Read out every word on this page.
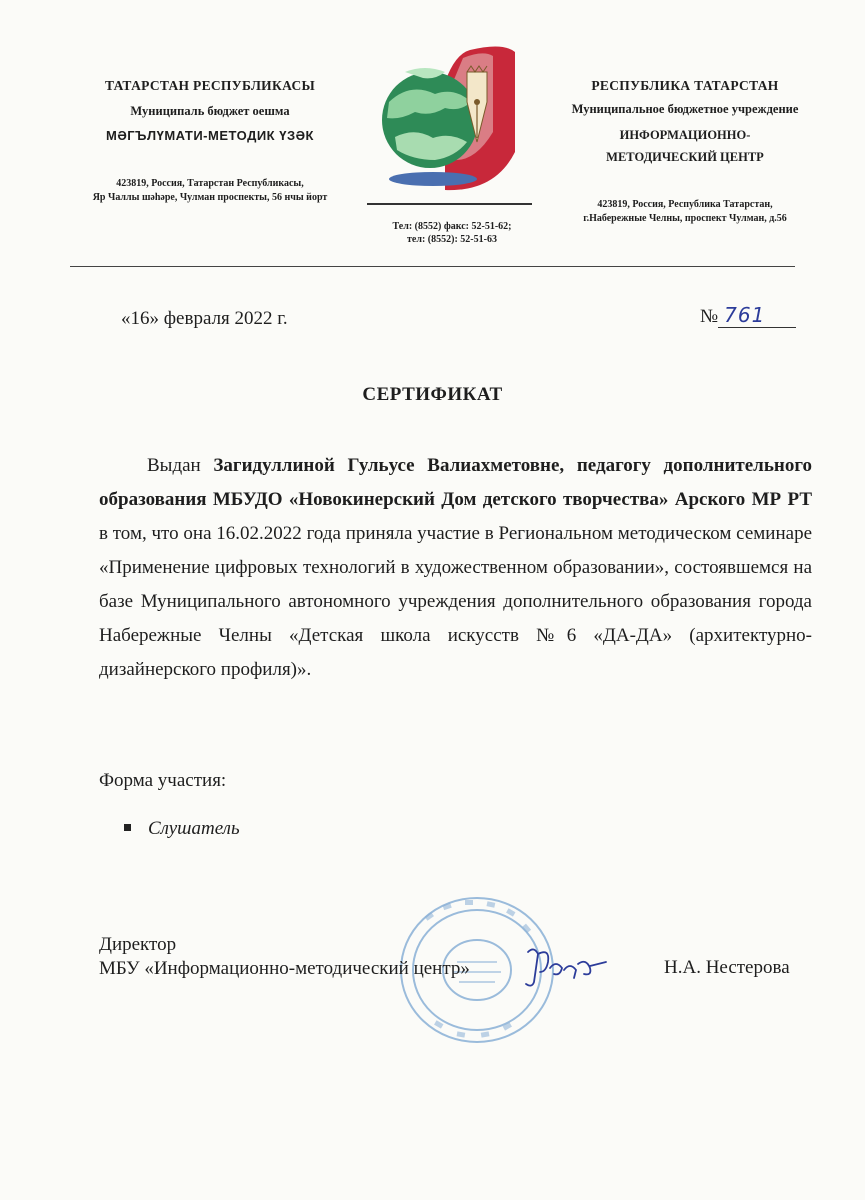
ТАТАРСТАН РЕСПУБЛИКАСЫ
Муниципаль бюджет оешма
МӘГЪЛҮМАТИ-МЕТОДИК ҮЗӘК
423819, Россия, Татарстан Республикасы,
Яр Чаллы шәһәре, Чулман проспекты, 56 нчы йорт
Тел: (8552) факс: 52-51-62;
тел: (8552): 52-51-63
РЕСПУБЛИКА ТАТАРСТАН
Муниципальное бюджетное учреждение
ИНФОРМАЦИОННО-
МЕТОДИЧЕСКИЙ ЦЕНТР
423819, Россия, Республика Татарстан,
г.Набережные Челны, проспект Чулман, д.56
«16» февраля 2022 г.	№ 761
СЕРТИФИКАТ

Выдан Загидуллиной Гульусе Валиахметовне, педагогу дополнительного образования МБУДО «Новокинерский Дом детского творчества» Арского МР РТ в том, что она 16.02.2022 года приняла участие в Региональном методическом семинаре «Применение цифровых технологий в художественном образовании», состоявшемся на базе Муниципального автономного учреждения дополнительного образования города Набережные Челны «Детская школа искусств №6 «ДА-ДА» (архитектурно-дизайнерского профиля)».

Форма участия:
Слушатель
Директор
МБУ «Информационно-методический центр»	Н.А. Нестерова
